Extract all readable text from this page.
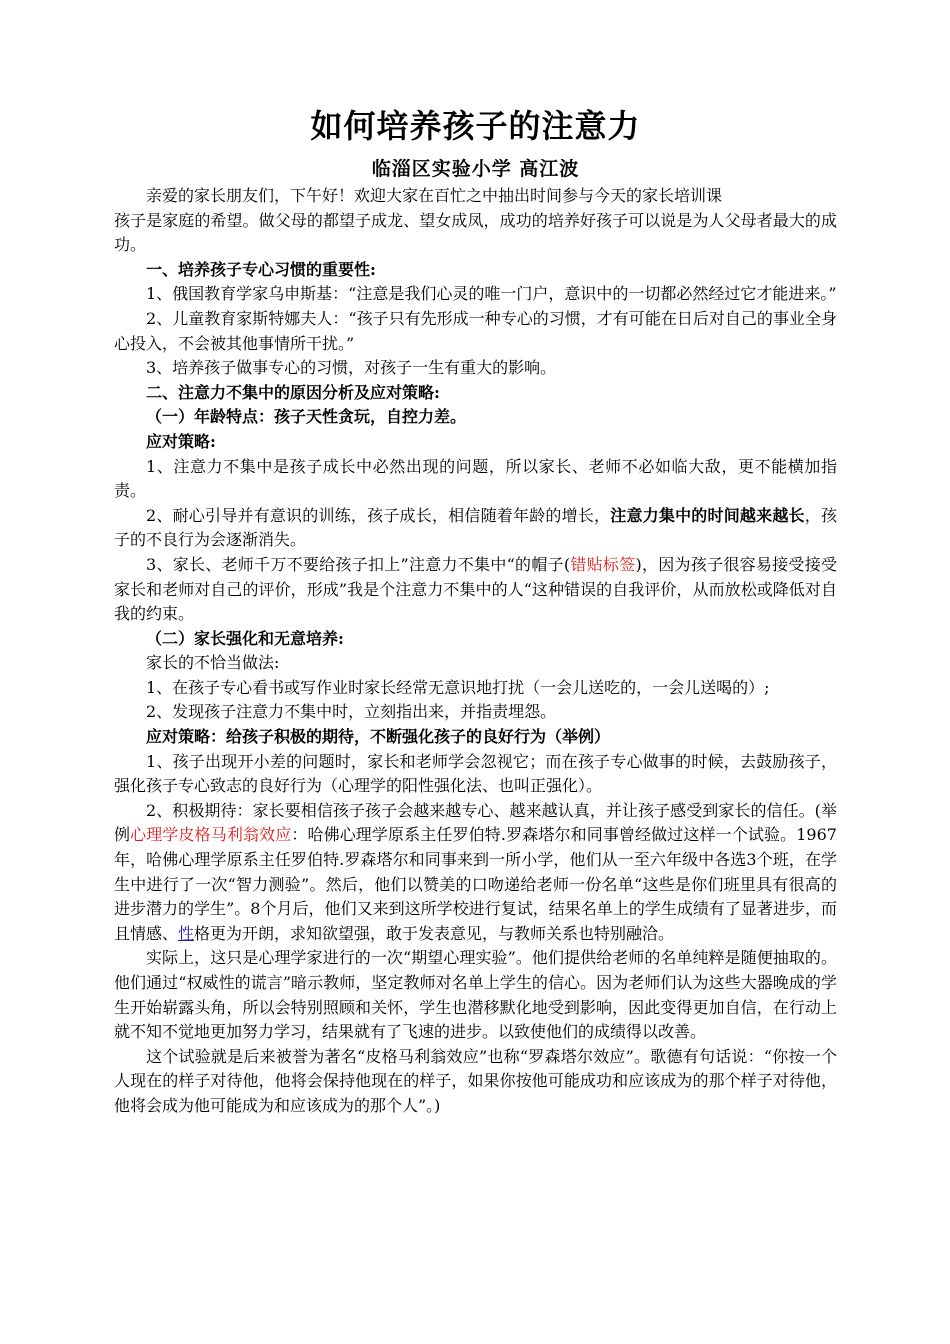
如何培养孩子的注意力
临淄区实验小学 高江波

亲爱的家长朋友们，下午好！欢迎大家在百忙之中抽出时间参与今天的家长培训课

孩子是家庭的希望。做父母的都望子成龙、望女成凤，成功的培养好孩子可以说是为人父母者最大的成功。

一、培养孩子专心习惯的重要性:

1、俄国教育学家乌申斯基：“注意是我们心灵的唯一门户，意识中的一切都必然经过它才能进来。”

2、儿童教育家斯特娜夫人：“孩子只有先形成一种专心的习惯，才有可能在日后对自己的事业全身心投入，不会被其他事情所干扰。”

3、培养孩子做事专心的习惯，对孩子一生有重大的影响。

二、注意力不集中的原因分析及应对策略:

（一）年龄特点：孩子天性贪玩，自控力差。

应对策略:

1、注意力不集中是孩子成长中必然出现的问题，所以家长、老师不必如临大敌，更不能横加指责。

2、耐心引导并有意识的训练，孩子成长，相信随着年龄的增长，注意力集中的时间越来越长，孩子的不良行为会逐渐消失。

3、家长、老师千万不要给孩子扣上”注意力不集中“的帽子(错贴标签)，因为孩子很容易接受接受家长和老师对自己的评价，形成”我是个注意力不集中的人“这种错误的自我评价，从而放松或降低对自我的约束。

（二）家长强化和无意培养:

家长的不恰当做法:

1、在孩子专心看书或写作业时家长经常无意识地打扰（一会儿送吃的，一会儿送喝的）;

2、发现孩子注意力不集中时，立刻指出来，并指责埋怨。

应对策略：给孩子积极的期待，不断强化孩子的良好行为（举例）

1、孩子出现开小差的问题时，家长和老师学会忽视它；而在孩子专心做事的时候，去鼓励孩子，强化孩子专心致志的良好行为（心理学的阳性强化法、也叫正强化）。

2、积极期待：家长要相信孩子孩子会越来越专心、越来越认真，并让孩子感受到家长的信任。(举例心理学皮格马利翁效应：哈佛心理学原系主任罗伯特.罗森塔尔和同事曾经做过这样一个试验。1967年，哈佛心理学原系主任罗伯特.罗森塔尔和同事来到一所小学，他们从一至六年级中各选3个班，在学生中进行了一次“智力测验”。然后，他们以赞美的口吻递给老师一份名单“这些是你们班里具有很高的进步潜力的学生”。8个月后，他们又来到这所学校进行复试，结果名单上的学生成绩有了显著进步，而且情感、性格更为开朗，求知欲望强，敢于发表意见，与教师关系也特别融洽。

实际上，这只是心理学家进行的一次“期望心理实验”。他们提供给老师的名单纯粹是随便抽取的。他们通过“权威性的谎言”暗示教师，坚定教师对名单上学生的信心。因为老师们认为这些大器晚成的学生开始崭露头角，所以会特别照顾和关怀，学生也潜移默化地受到影响，因此变得更加自信，在行动上就不知不觉地更加努力学习，结果就有了飞速的进步。以致使他们的成绩得以改善。

这个试验就是后来被誉为著名“皮格马利翁效应”也称“罗森塔尔效应”。歌德有句话说：“你按一个人现在的样子对待他，他将会保持他现在的样子，如果你按他可能成功和应该成为的那个样子对待他，他将会成为他可能成为和应该成为的那个人”。)
